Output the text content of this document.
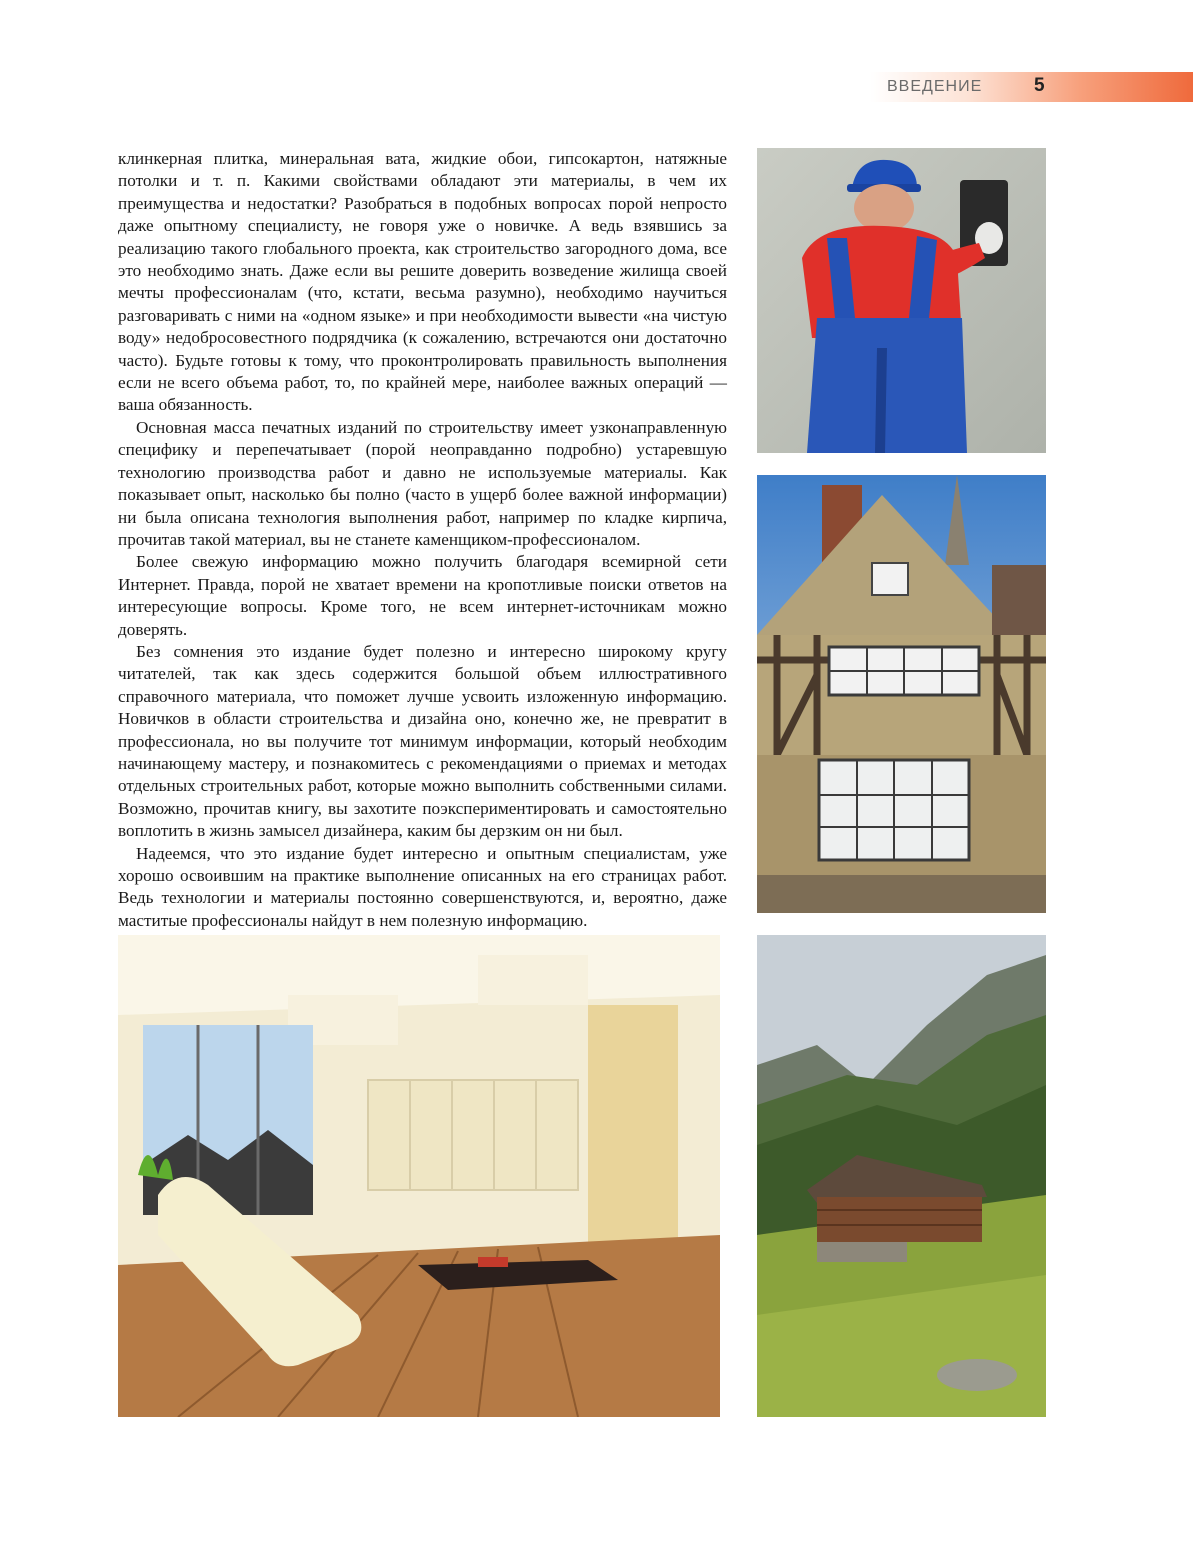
ВВЕДЕНИЕ	5

клинкерная плитка, минеральная вата, жидкие обои, гипсокартон, натяжные потолки и т. п. Какими свойствами обладают эти материалы, в чем их преимущества и недостатки? Разобраться в подобных вопросах порой непросто даже опытному специалисту, не говоря уже о новичке. А ведь взявшись за реализацию такого глобального проекта, как строительство загородного дома, все это необходимо знать. Даже если вы решите доверить возведение жилища своей мечты профессионалам (что, кстати, весьма разумно), необходимо научиться разговаривать с ними на «одном языке» и при необходимости вывести «на чистую воду» недобросовестного подрядчика (к сожалению, встречаются они достаточно часто). Будьте готовы к тому, что проконтролировать правильность выполнения если не всего объема работ, то, по крайней мере, наиболее важных операций — ваша обязанность.

Основная масса печатных изданий по строительству имеет узконаправленную специфику и перепечатывает (порой неоправданно подробно) устаревшую технологию производства работ и давно не используемые материалы. Как показывает опыт, насколько бы полно (часто в ущерб более важной информации) ни была описана технология выполнения работ, например по кладке кирпича, прочитав такой материал, вы не станете каменщиком-профессионалом.

Более свежую информацию можно получить благодаря всемирной сети Интернет. Правда, порой не хватает времени на кропотливые поиски ответов на интересующие вопросы. Кроме того, не всем интернет-источникам можно доверять.

Без сомнения это издание будет полезно и интересно широкому кругу читателей, так как здесь содержится большой объем иллюстративного справочного материала, что поможет лучше усвоить изложенную информацию. Новичков в области строительства и дизайна оно, конечно же, не превратит в профессионала, но вы получите тот минимум информации, который необходим начинающему мастеру, и познакомитесь с рекомендациями о приемах и методах отдельных строительных работ, которые можно выполнить собственными силами. Возможно, прочитав книгу, вы захотите поэкспериментировать и самостоятельно воплотить в жизнь замысел дизайнера, каким бы дерзким он ни был.

Надеемся, что это издание будет интересно и опытным специалистам, уже хорошо освоившим на практике выполнение описанных на его страницах работ. Ведь технологии и материалы постоянно совершенствуются, и, вероятно, даже маститые профессионалы найдут в нем полезную информацию.
